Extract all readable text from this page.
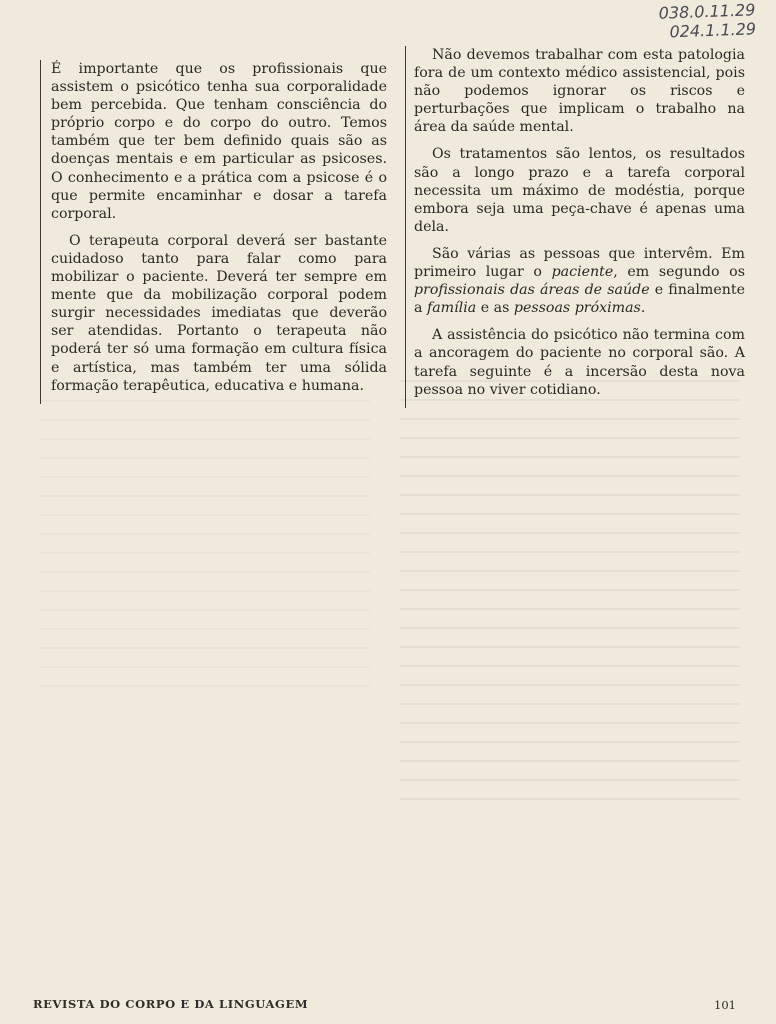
038.0.11.29
024.1.1.29

É importante que os profissionais que assistem o psicótico tenha sua corporalidade bem percebida. Que tenham consciência do próprio corpo e do corpo do outro. Temos também que ter bem definido quais são as doenças mentais e em particular as psicoses. O conhecimento e a prática com a psicose é o que permite encaminhar e dosar a tarefa corporal.

O terapeuta corporal deverá ser bastante cuidadoso tanto para falar como para mobilizar o paciente. Deverá ter sempre em mente que da mobilização corporal podem surgir necessidades imediatas que deverão ser atendidas. Portanto o terapeuta não poderá ter só uma formação em cultura física e artística, mas também ter uma sólida formação terapêutica, educativa e humana.

Não devemos trabalhar com esta patologia fora de um contexto médico assistencial, pois não podemos ignorar os riscos e perturbações que implicam o trabalho na área da saúde mental.

Os tratamentos são lentos, os resultados são a longo prazo e a tarefa corporal necessita um máximo de modéstia, porque embora seja uma peça-chave é apenas uma dela.

São várias as pessoas que intervêm. Em primeiro lugar o paciente, em segundo os profissionais das áreas de saúde e finalmente a família e as pessoas próximas.

A assistência do psicótico não termina com a ancoragem do paciente no corporal são. A tarefa seguinte é a incersão desta nova pessoa no viver cotidiano.

REVISTA DO CORPO E DA LINGUAGEM	101
